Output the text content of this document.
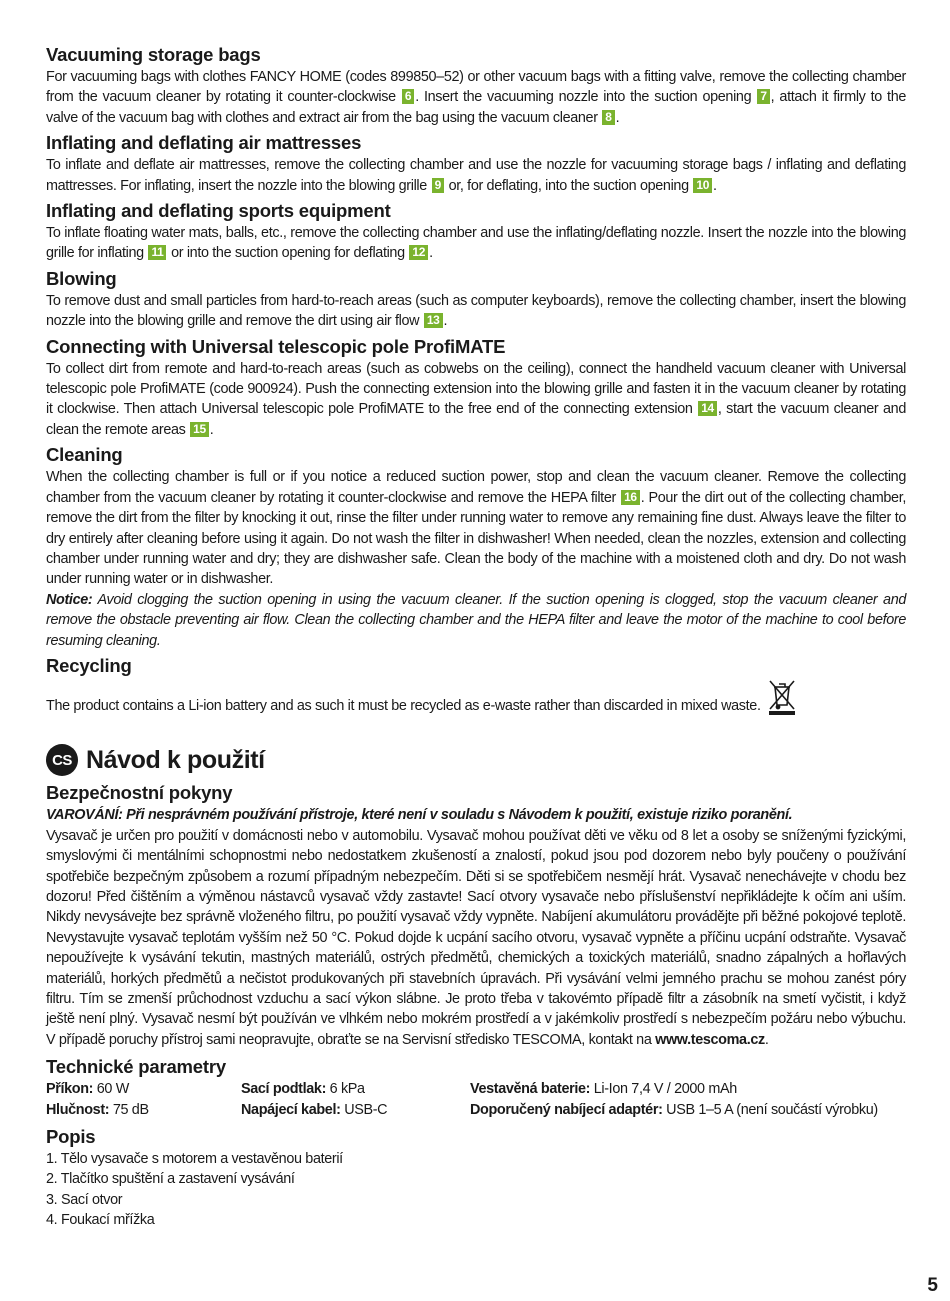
Vacuuming storage bags

For vacuuming bags with clothes FANCY HOME (codes 899850–52) or other vacuum bags with a fitting valve, remove the collecting chamber from the vacuum cleaner by rotating it counter-clockwise 6 . Insert the vacuuming nozzle into the suction opening 7 , attach it firmly to the valve of the vacuum bag with clothes and extract air from the bag using the vacuum cleaner 8 .

Inflating and deflating air mattresses

To inflate and deflate air mattresses, remove the collecting chamber and use the nozzle for vacuuming storage bags / inflating and deflating mattresses. For inflating, insert the nozzle into the blowing grille 9 or, for deflating, into the suction opening 10 .

Inflating and deflating sports equipment

To inflate floating water mats, balls, etc., remove the collecting chamber and use the inflating/deflating nozzle. Insert the nozzle into the blowing grille for inflating 11 or into the suction opening for deflating 12 .

Blowing

To remove dust and small particles from hard-to-reach areas (such as computer keyboards), remove the collecting chamber, insert the blowing nozzle into the blowing grille and remove the dirt using air flow 13 .

Connecting with Universal telescopic pole ProfiMATE

To collect dirt from remote and hard-to-reach areas (such as cobwebs on the ceiling), connect the handheld vacuum cleaner with Universal telescopic pole ProfiMATE (code 900924). Push the connecting extension into the blowing grille and fasten it in the vacuum cleaner by rotating it clockwise. Then attach Universal telescopic pole ProfiMATE to the free end of the connecting extension 14 , start the vacuum cleaner and clean the remote areas 15 .

Cleaning

When the collecting chamber is full or if you notice a reduced suction power, stop and clean the vacuum cleaner. Remove the collecting chamber from the vacuum cleaner by rotating it counter-clockwise and remove the HEPA filter 16 . Pour the dirt out of the collecting chamber, remove the dirt from the filter by knocking it out, rinse the filter under running water to remove any remaining fine dust. Always leave the filter to dry entirely after cleaning before using it again. Do not wash the filter in dishwasher! When needed, clean the nozzles, extension and collecting chamber under running water and dry; they are dishwasher safe. Clean the body of the machine with a moistened cloth and dry. Do not wash under running water or in dishwasher.

Notice: Avoid clogging the suction opening in using the vacuum cleaner. If the suction opening is clogged, stop the vacuum cleaner and remove the obstacle preventing air flow. Clean the collecting chamber and the HEPA filter and leave the motor of the machine to cool before resuming cleaning.

Recycling

The product contains a Li-ion battery and as such it must be recycled as e-waste rather than discarded in mixed waste.

CS Návod k použití
Bezpečnostní pokyny

VAROVÁNÍ: Při nesprávném používání přístroje, které není v souladu s Návodem k použití, existuje riziko poranění.

Vysavač je určen pro použití v domácnosti nebo v automobilu. Vysavač mohou používat děti ve věku od 8 let a osoby se sníženými fyzickými, smyslovými či mentálními schopnostmi nebo nedostatkem zkušeností a znalostí, pokud jsou pod dozorem nebo byly poučeny o používání spotřebiče bezpečným způsobem a rozumí případným nebezpečím. Děti si se spotřebičem nesmějí hrát. Vysavač nenechávejte v chodu bez dozoru! Před čištěním a výměnou nástavců vysavač vždy zastavte! Sací otvory vysavače nebo příslušenství nepřikládejte k očím ani uším. Nikdy nevysávejte bez správně vloženého filtru, po použití vysavač vždy vypněte. Nabíjení akumulátoru provádějte při běžné pokojové teplotě. Nevystavujte vysavač teplotám vyšším než 50 °C. Pokud dojde k ucpání sacího otvoru, vysavač vypněte a příčinu ucpání odstraňte. Vysavač nepoužívejte k vysávání tekutin, mastných materiálů, ostrých předmětů, chemických a toxických materiálů, snadno zápalných a hořlavých materiálů, horkých předmětů a nečistot produkovaných při stavebních úpravách. Při vysávání velmi jemného prachu se mohou zanést póry filtru. Tím se zmenší průchodnost vzduchu a sací výkon slábne. Je proto třeba v takovémto případě filtr a zásobník na smetí vyčistit, i když ještě není plný. Vysavač nesmí být používán ve vlhkém nebo mokrém prostředí a v jakémkoliv prostředí s nebezpečím požáru nebo výbuchu. V případě poruchy přístroj sami neopravujte, obraťte se na Servisní středisko TESCOMA, kontakt na www.tescoma.cz.

Technické parametry
Příkon: 60 W	Sací podtlak: 6 kPa	Vestavěná baterie: Li-Ion 7,4 V / 2000 mAh
Hlučnost: 75 dB	Napájecí kabel: USB-C	Doporučený nabíjecí adaptér: USB 1–5 A (není součástí výrobku)
Popis
1. Tělo vysavače s motorem a vestavěnou baterií
2. Tlačítko spuštění a zastavení vysávání
3. Sací otvor
4. Foukací mřížka
5
